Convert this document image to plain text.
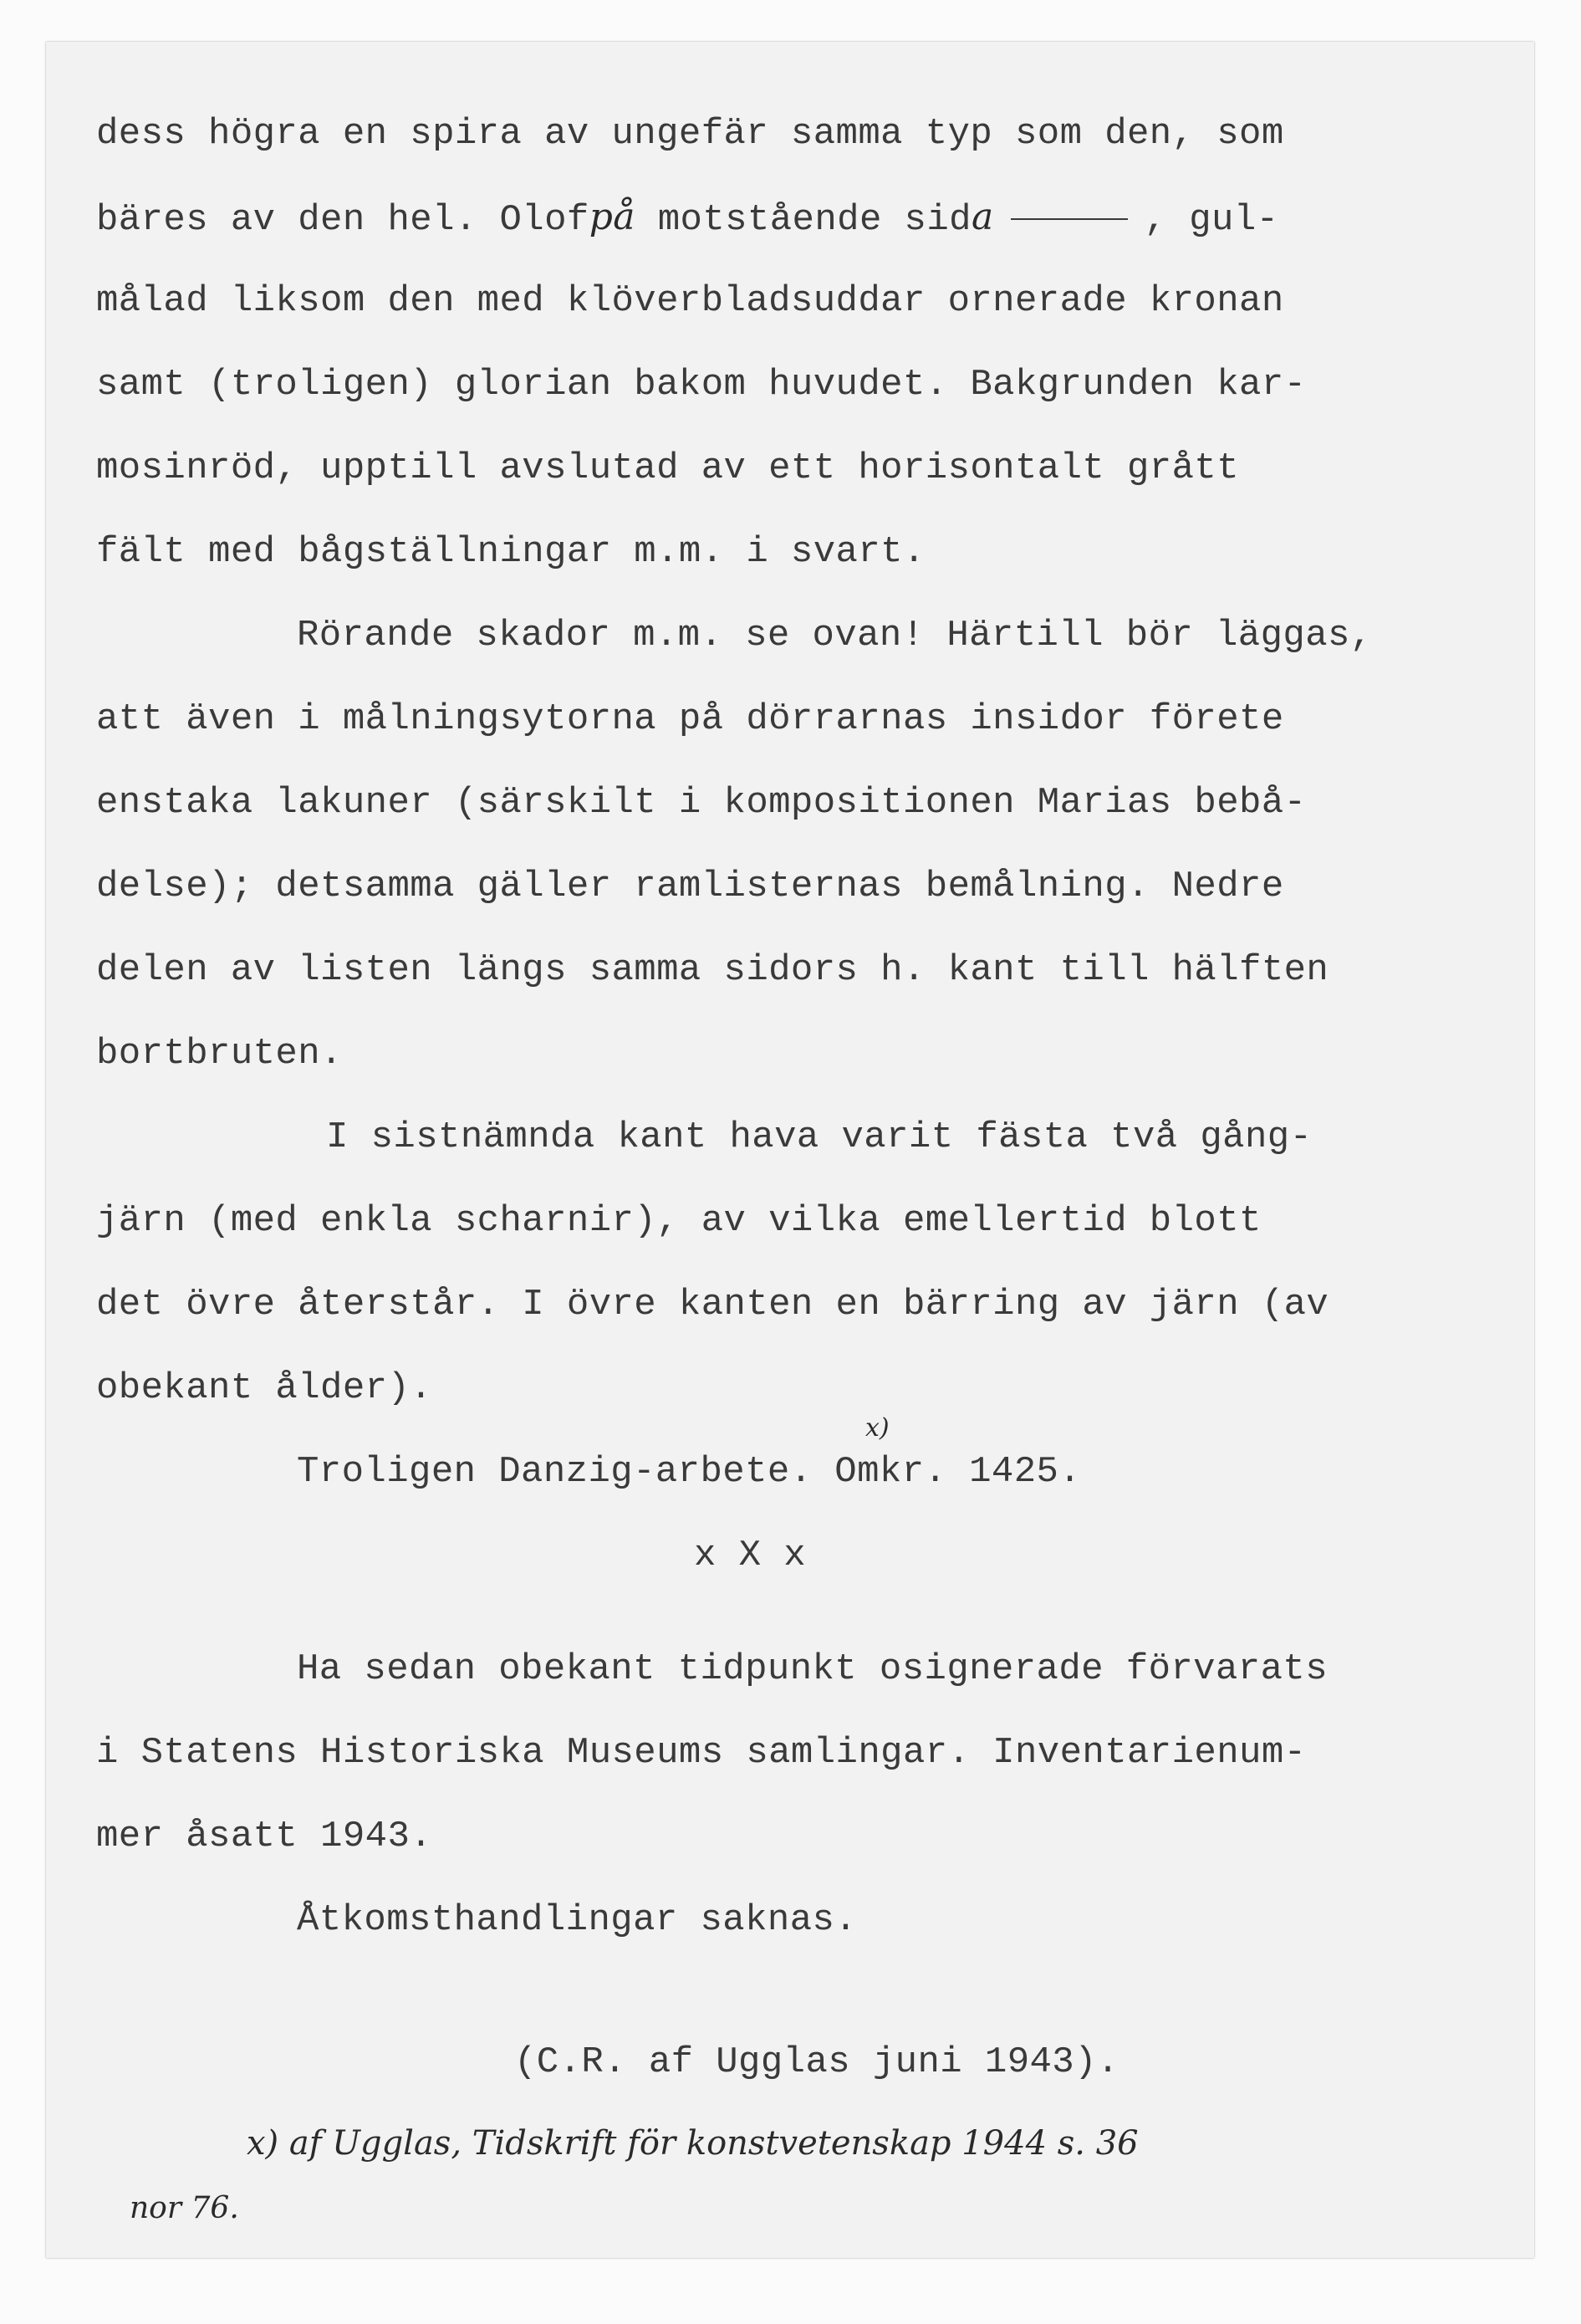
dess högra en spira av ungefär samma typ som den, som
bäres av den hel. Olofpå motstående sida	, gul-
målad liksom den med klöverbladsuddar ornerade kronan
samt (troligen) glorian bakom huvudet. Bakgrunden kar-
mosinröd, upptill avslutad av ett horisontalt grått
fält med bågställningar m.m. i svart.
Rörande skador m.m. se ovan! Härtill bör läggas,
att även i målningsytorna på dörrarnas insidor förete
enstaka lakuner (särskilt i kompositionen Marias bebå-
delse); detsamma gäller ramlisternas bemålning. Nedre
delen av listen längs samma sidors h. kant till hälften
bortbruten.
I sistnämnda kant hava varit fästa två gång-
järn (med enkla scharnir), av vilka emellertid blott
det övre återstår. I övre kanten en bärring av järn (av
obekant ålder).
x)
Troligen Danzig-arbete. Omkr. 1425.
x X x
Ha sedan obekant tidpunkt osignerade förvarats
i Statens Historiska Museums samlingar. Inventarienum-
mer åsatt 1943.
Åtkomsthandlingar saknas.
(C.R. af Ugglas juni 1943).
x) af Ugglas, Tidskrift för konstvetenskap 1944 s. 36
nor 76.
